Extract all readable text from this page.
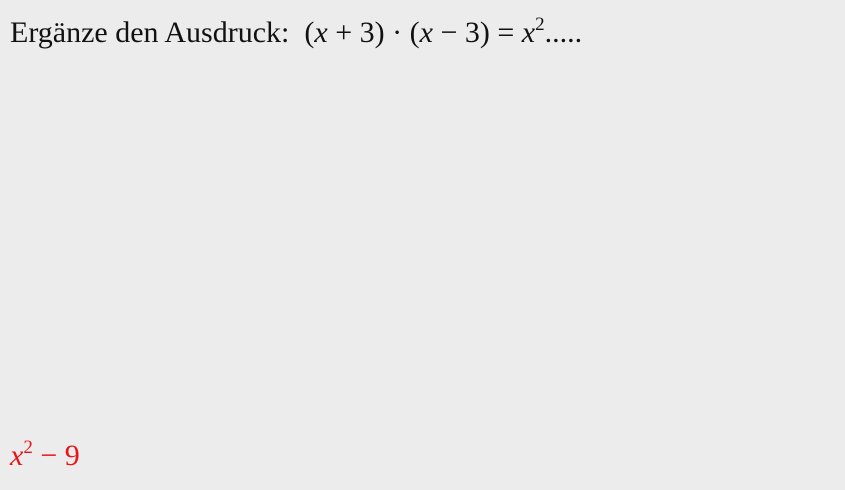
Ergänze den Ausdruck: $(x + 3) \cdot (x - 3) = x^2$.....
$x^2 - 9$
